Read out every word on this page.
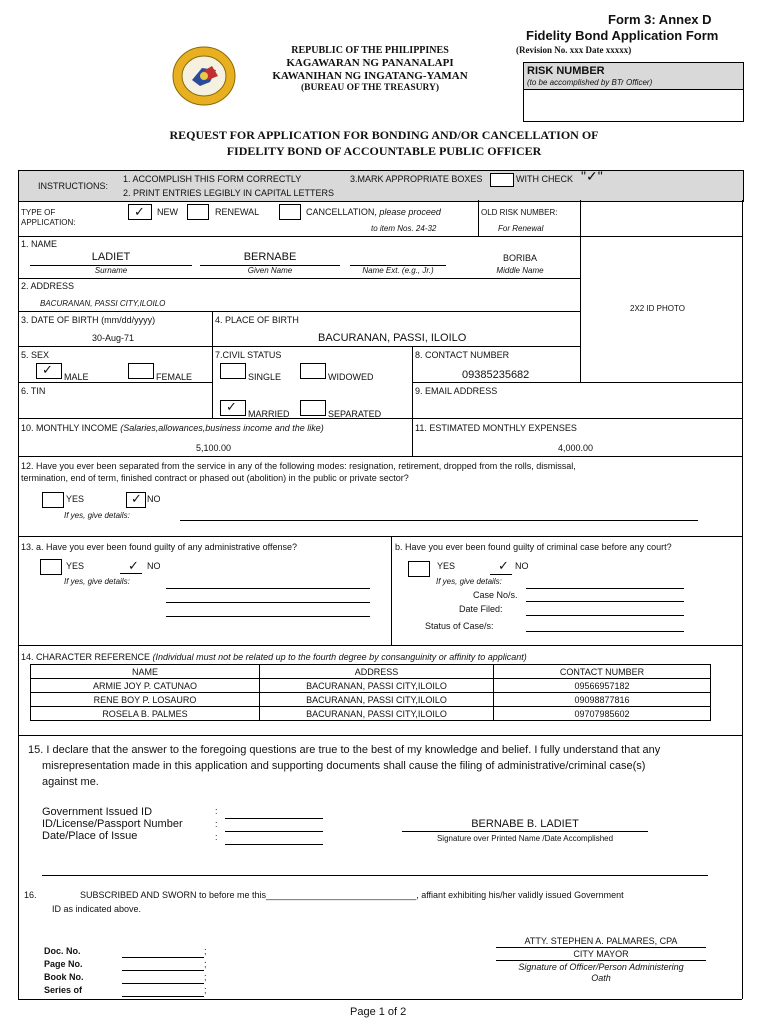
Form 3: Annex D
Fidelity Bond Application Form
(Revision No. xxx Date xxxxx)
REPUBLIC OF THE PHILIPPINES
KAGAWARAN NG PANANALAPI
KAWANIHAN NG INGATANG-YAMAN
(BUREAU OF THE TREASURY)
RISK NUMBER
(to be accomplished by BTr Officer)
REQUEST FOR APPLICATION FOR BONDING AND/OR CANCELLATION OF
FIDELITY BOND OF ACCOUNTABLE PUBLIC OFFICER
INSTRUCTIONS:
1. ACCOMPLISH THIS FORM CORRECTLY
2. PRINT ENTRIES LEGIBLY IN CAPITAL LETTERS
3.MARK APPROPRIATE BOXES	WITH CHECK "✓"
TYPE OF
APPLICATION:
✓ NEW	RENEWAL	CANCELLATION, please proceed
to item Nos. 24-32
OLD RISK NUMBER:
For Renewal
2X2 ID PHOTO
1. NAME
LADIET
Surname
BERNABE
Given Name	Name Ext. (e.g., Jr.)
BORIBA
Middle Name
2. ADDRESS
BACURANAN, PASSI CITY,ILOILO
3. DATE OF BIRTH (mm/dd/yyyy)
30-Aug-71
4. PLACE OF BIRTH
BACURANAN, PASSI, ILOILO
5. SEX
✓ MALE	FEMALE
7.CIVIL STATUS
SINGLE	WIDOWED
8. CONTACT NUMBER
09385235682
6. TIN
✓ MARRIED	SEPARATED
9. EMAIL ADDRESS
10. MONTHLY INCOME (Salaries,allowances,business income and the like)
5,100.00
11. ESTIMATED MONTHLY EXPENSES
4,000.00
12. Have you ever been separated from the service in any of the following modes: resignation, retirement, dropped from the rolls, dismissal,
termination, end of term, finished contract or phased out (abolition) in the public or private sector?
YES	✓ NO
If yes, give details:
13. a. Have you ever been found guilty of any administrative offense?	b. Have you ever been found guilty of criminal case before any court?
YES	✓ NO
If yes, give details:
YES	✓ NO
If yes, give details:
Case No/s.
Date Filed:
Status of Case/s:
14. CHARACTER REFERENCE (Individual must not be related up to the fourth degree by consanguinity or affinity to applicant)
NAME	ADDRESS	CONTACT NUMBER
ARMIE JOY P. CATUNAO	BACURANAN, PASSI CITY,ILOILO	09566957182
RENE BOY P. LOSAURO	BACURANAN, PASSI CITY,ILOILO	09098877816
ROSELA B. PALMES	BACURANAN, PASSI CITY,ILOILO	09707985602
15. I declare that the answer to the foregoing questions are true to the best of my knowledge and belief. I fully understand that any
misrepresentation made in this application and supporting documents shall cause the filing of administrative/criminal case(s)
against me.
Government Issued ID
ID/License/Passport Number
Date/Place of Issue
:
:
:
BERNABE B. LADIET
Signature over Printed Name /Date Accomplished
16.	SUBSCRIBED AND SWORN to before me this______________________________, affiant exhibiting his/her validly issued Government
ID as indicated above.
Doc. No.
Page No.
Book No.
Series of
;
;
;
;
ATTY. STEPHEN A. PALMARES, CPA
CITY MAYOR
Signature of Officer/Person Administering
Oath
Page 1 of 2
